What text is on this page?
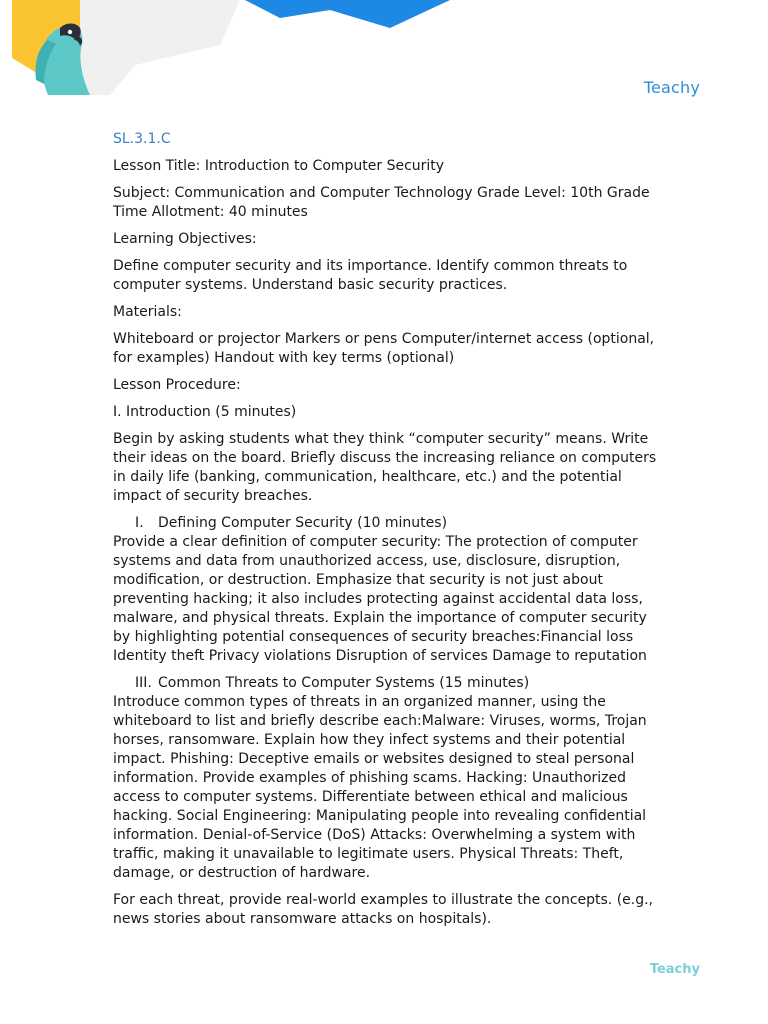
Teachy

SL.3.1.C

Lesson Title: Introduction to Computer Security

Subject: Communication and Computer Technology Grade Level: 10th Grade Time Allotment: 40 minutes

Learning Objectives:

Define computer security and its importance. Identify common threats to computer systems. Understand basic security practices.

Materials:

Whiteboard or projector Markers or pens Computer/internet access (optional, for examples) Handout with key terms (optional)

Lesson Procedure:

I. Introduction (5 minutes)

Begin by asking students what they think “computer security” means. Write their ideas on the board. Briefly discuss the increasing reliance on computers in daily life (banking, communication, healthcare, etc.) and the potential impact of security breaches.

I. Defining Computer Security (10 minutes)

Provide a clear definition of computer security: The protection of computer systems and data from unauthorized access, use, disclosure, disruption, modification, or destruction. Emphasize that security is not just about preventing hacking; it also includes protecting against accidental data loss, malware, and physical threats. Explain the importance of computer security by highlighting potential consequences of security breaches:Financial loss Identity theft Privacy violations Disruption of services Damage to reputation

III. Common Threats to Computer Systems (15 minutes)

Introduce common types of threats in an organized manner, using the whiteboard to list and briefly describe each:Malware: Viruses, worms, Trojan horses, ransomware. Explain how they infect systems and their potential impact. Phishing: Deceptive emails or websites designed to steal personal information. Provide examples of phishing scams. Hacking: Unauthorized access to computer systems. Differentiate between ethical and malicious hacking. Social Engineering: Manipulating people into revealing confidential information. Denial-of-Service (DoS) Attacks: Overwhelming a system with traffic, making it unavailable to legitimate users. Physical Threats: Theft, damage, or destruction of hardware.

For each threat, provide real-world examples to illustrate the concepts. (e.g., news stories about ransomware attacks on hospitals).

Teachy
